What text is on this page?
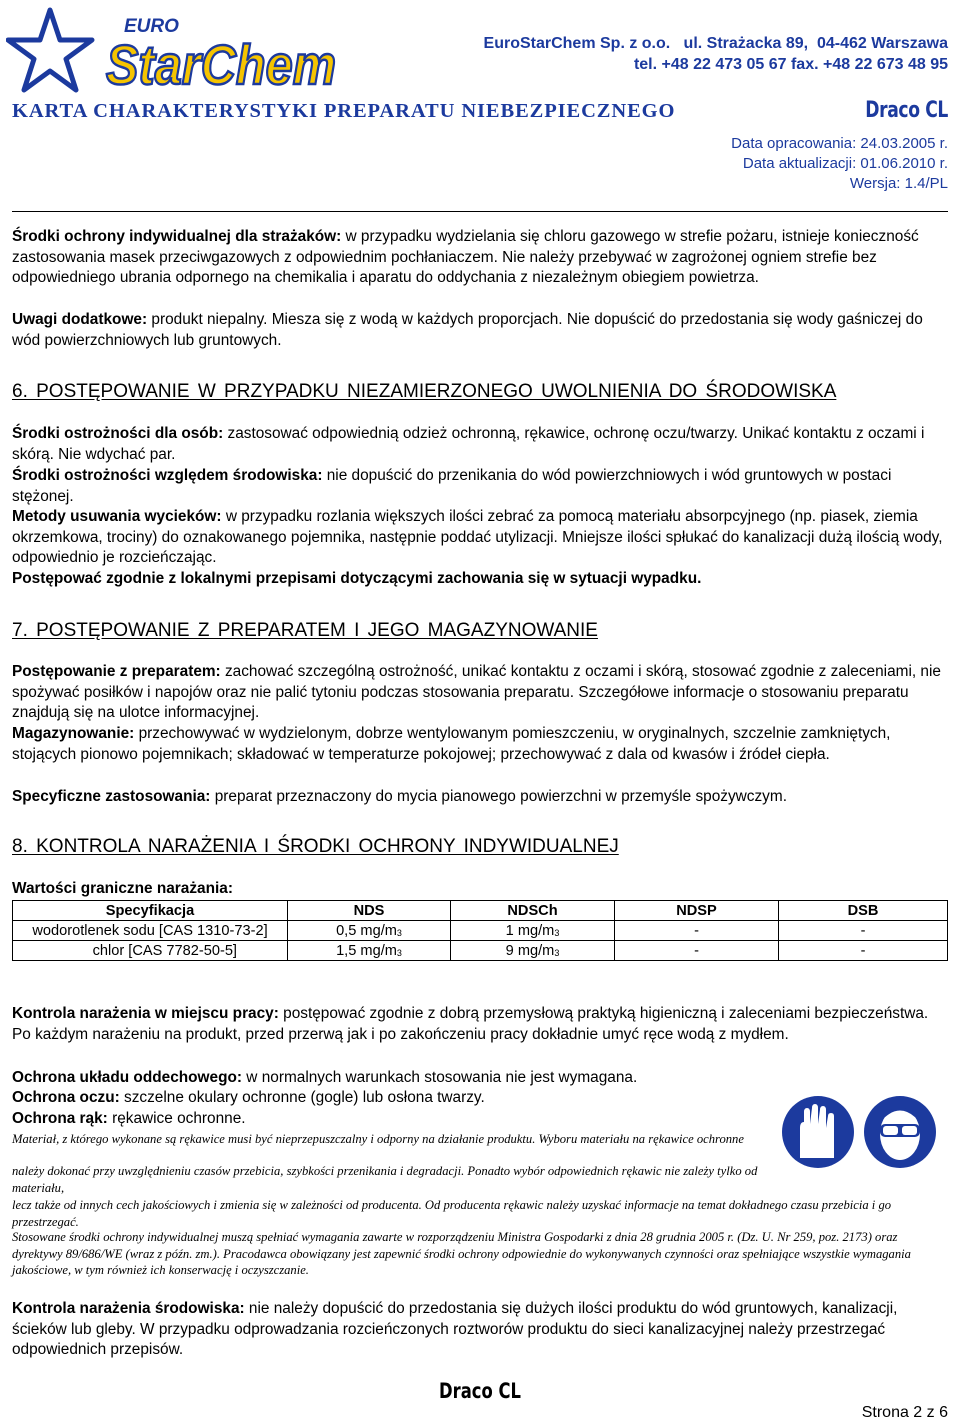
EURO
StarChem	EuroStarChem Sp. z o.o.   ul. Strażacka 89,  04-462 Warszawa
tel. +48 22 473 05 67 fax. +48 22 673 48 95
KARTA CHARAKTERYSTYKI PREPARATU NIEBEZPIECZNEGO	Draco CL
Data opracowania: 24.03.2005 r.
Data aktualizacji: 01.06.2010 r.
Wersja: 1.4/PL
Środki ochrony indywidualnej dla strażaków: w przypadku wydzielania się chloru gazowego w strefie pożaru, istnieje konieczność zastosowania masek przeciwgazowych z odpowiednim pochłaniaczem. Nie należy przebywać w zagrożonej ogniem strefie bez odpowiedniego ubrania odpornego na chemikalia i aparatu do oddychania z niezależnym obiegiem powietrza.
Uwagi dodatkowe: produkt niepalny. Miesza się z wodą w każdych proporcjach. Nie dopuścić do przedostania się wody gaśniczej do wód powierzchniowych lub gruntowych.
6. POSTĘPOWANIE W PRZYPADKU NIEZAMIERZONEGO UWOLNIENIA DO ŚRODOWISKA
Środki ostrożności dla osób: zastosować odpowiednią odzież ochronną, rękawice, ochronę oczu/twarzy. Unikać kontaktu z oczami i skórą. Nie wdychać par.
Środki ostrożności względem środowiska: nie dopuścić do przenikania do wód powierzchniowych i wód gruntowych w postaci stężonej.
Metody usuwania wycieków: w przypadku rozlania większych ilości zebrać za pomocą materiału absorpcyjnego (np. piasek, ziemia okrzemkowa, trociny) do oznakowanego pojemnika, następnie poddać utylizacji. Mniejsze ilości spłukać do kanalizacji dużą ilością wody, odpowiednio je rozcieńczając.
Postępować zgodnie z lokalnymi przepisami dotyczącymi zachowania się w sytuacji wypadku.
7. POSTĘPOWANIE Z PREPARATEM I JEGO MAGAZYNOWANIE
Postępowanie z preparatem: zachować szczególną ostrożność, unikać kontaktu z oczami i skórą, stosować zgodnie z zaleceniami, nie spożywać posiłków i napojów oraz nie palić tytoniu podczas stosowania preparatu. Szczegółowe informacje o stosowaniu preparatu znajdują się na ulotce informacyjnej.
Magazynowanie: przechowywać w wydzielonym, dobrze wentylowanym pomieszczeniu, w oryginalnych, szczelnie zamkniętych, stojących pionowo pojemnikach; składować w temperaturze pokojowej; przechowywać z dala od kwasów i źródeł ciepła.
Specyficzne zastosowania: preparat przeznaczony do mycia pianowego powierzchni w przemyśle spożywczym.
8. KONTROLA NARAŻENIA I ŚRODKI OCHRONY INDYWIDUALNEJ
Wartości graniczne narażania:
Specyfikacja	NDS	NDSCh	NDSP	DSB
wodorotlenek sodu [CAS 1310-73-2]	0,5 $mg/m_3$	1 $mg/m_3$	-	-
chlor [CAS 7782-50-5]	1,5 $mg/m_3$	9 $mg/m_3$	-	-
Kontrola narażenia w miejscu pracy: postępować zgodnie z dobrą przemysłową praktyką higieniczną i zaleceniami bezpieczeństwa. Po każdym narażeniu na produkt, przed przerwą jak i po zakończeniu pracy dokładnie umyć ręce wodą z mydłem.
Ochrona układu oddechowego: w normalnych warunkach stosowania nie jest wymagana.
Ochrona oczu: szczelne okulary ochronne (gogle) lub osłona twarzy.
Ochrona rąk: rękawice ochronne.
Materiał, z którego wykonane są rękawice musi być nieprzepuszczalny i odporny na działanie produktu. Wyboru materiału na rękawice ochronne
należy dokonać przy uwzględnieniu czasów przebicia, szybkości przenikania i degradacji. Ponadto wybór odpowiednich rękawic nie zależy tylko od materiału,
lecz także od innych cech jakościowych i zmienia się w zależności od producenta. Od producenta rękawic należy uzyskać informacje na temat dokładnego czasu przebicia i go przestrzegać.
Stosowane środki ochrony indywidualnej muszą spełniać wymagania zawarte w rozporządzeniu Ministra Gospodarki z dnia 28 grudnia 2005 r. (Dz. U. Nr 259, poz. 2173) oraz dyrektywy 89/686/WE (wraz z późn. zm.). Pracodawca obowiązany jest zapewnić środki ochrony odpowiednie do wykonywanych czynności oraz spełniające wszystkie wymagania jakościowe, w tym również ich konserwację i oczyszczanie.
Kontrola narażenia środowiska: nie należy dopuścić do przedostania się dużych ilości produktu do wód gruntowych, kanalizacji, ścieków lub gleby. W przypadku odprowadzania rozcieńczonych roztworów produktu do sieci kanalizacyjnej należy przestrzegać odpowiednich przepisów.
Draco CL
Strona 2 z 6
